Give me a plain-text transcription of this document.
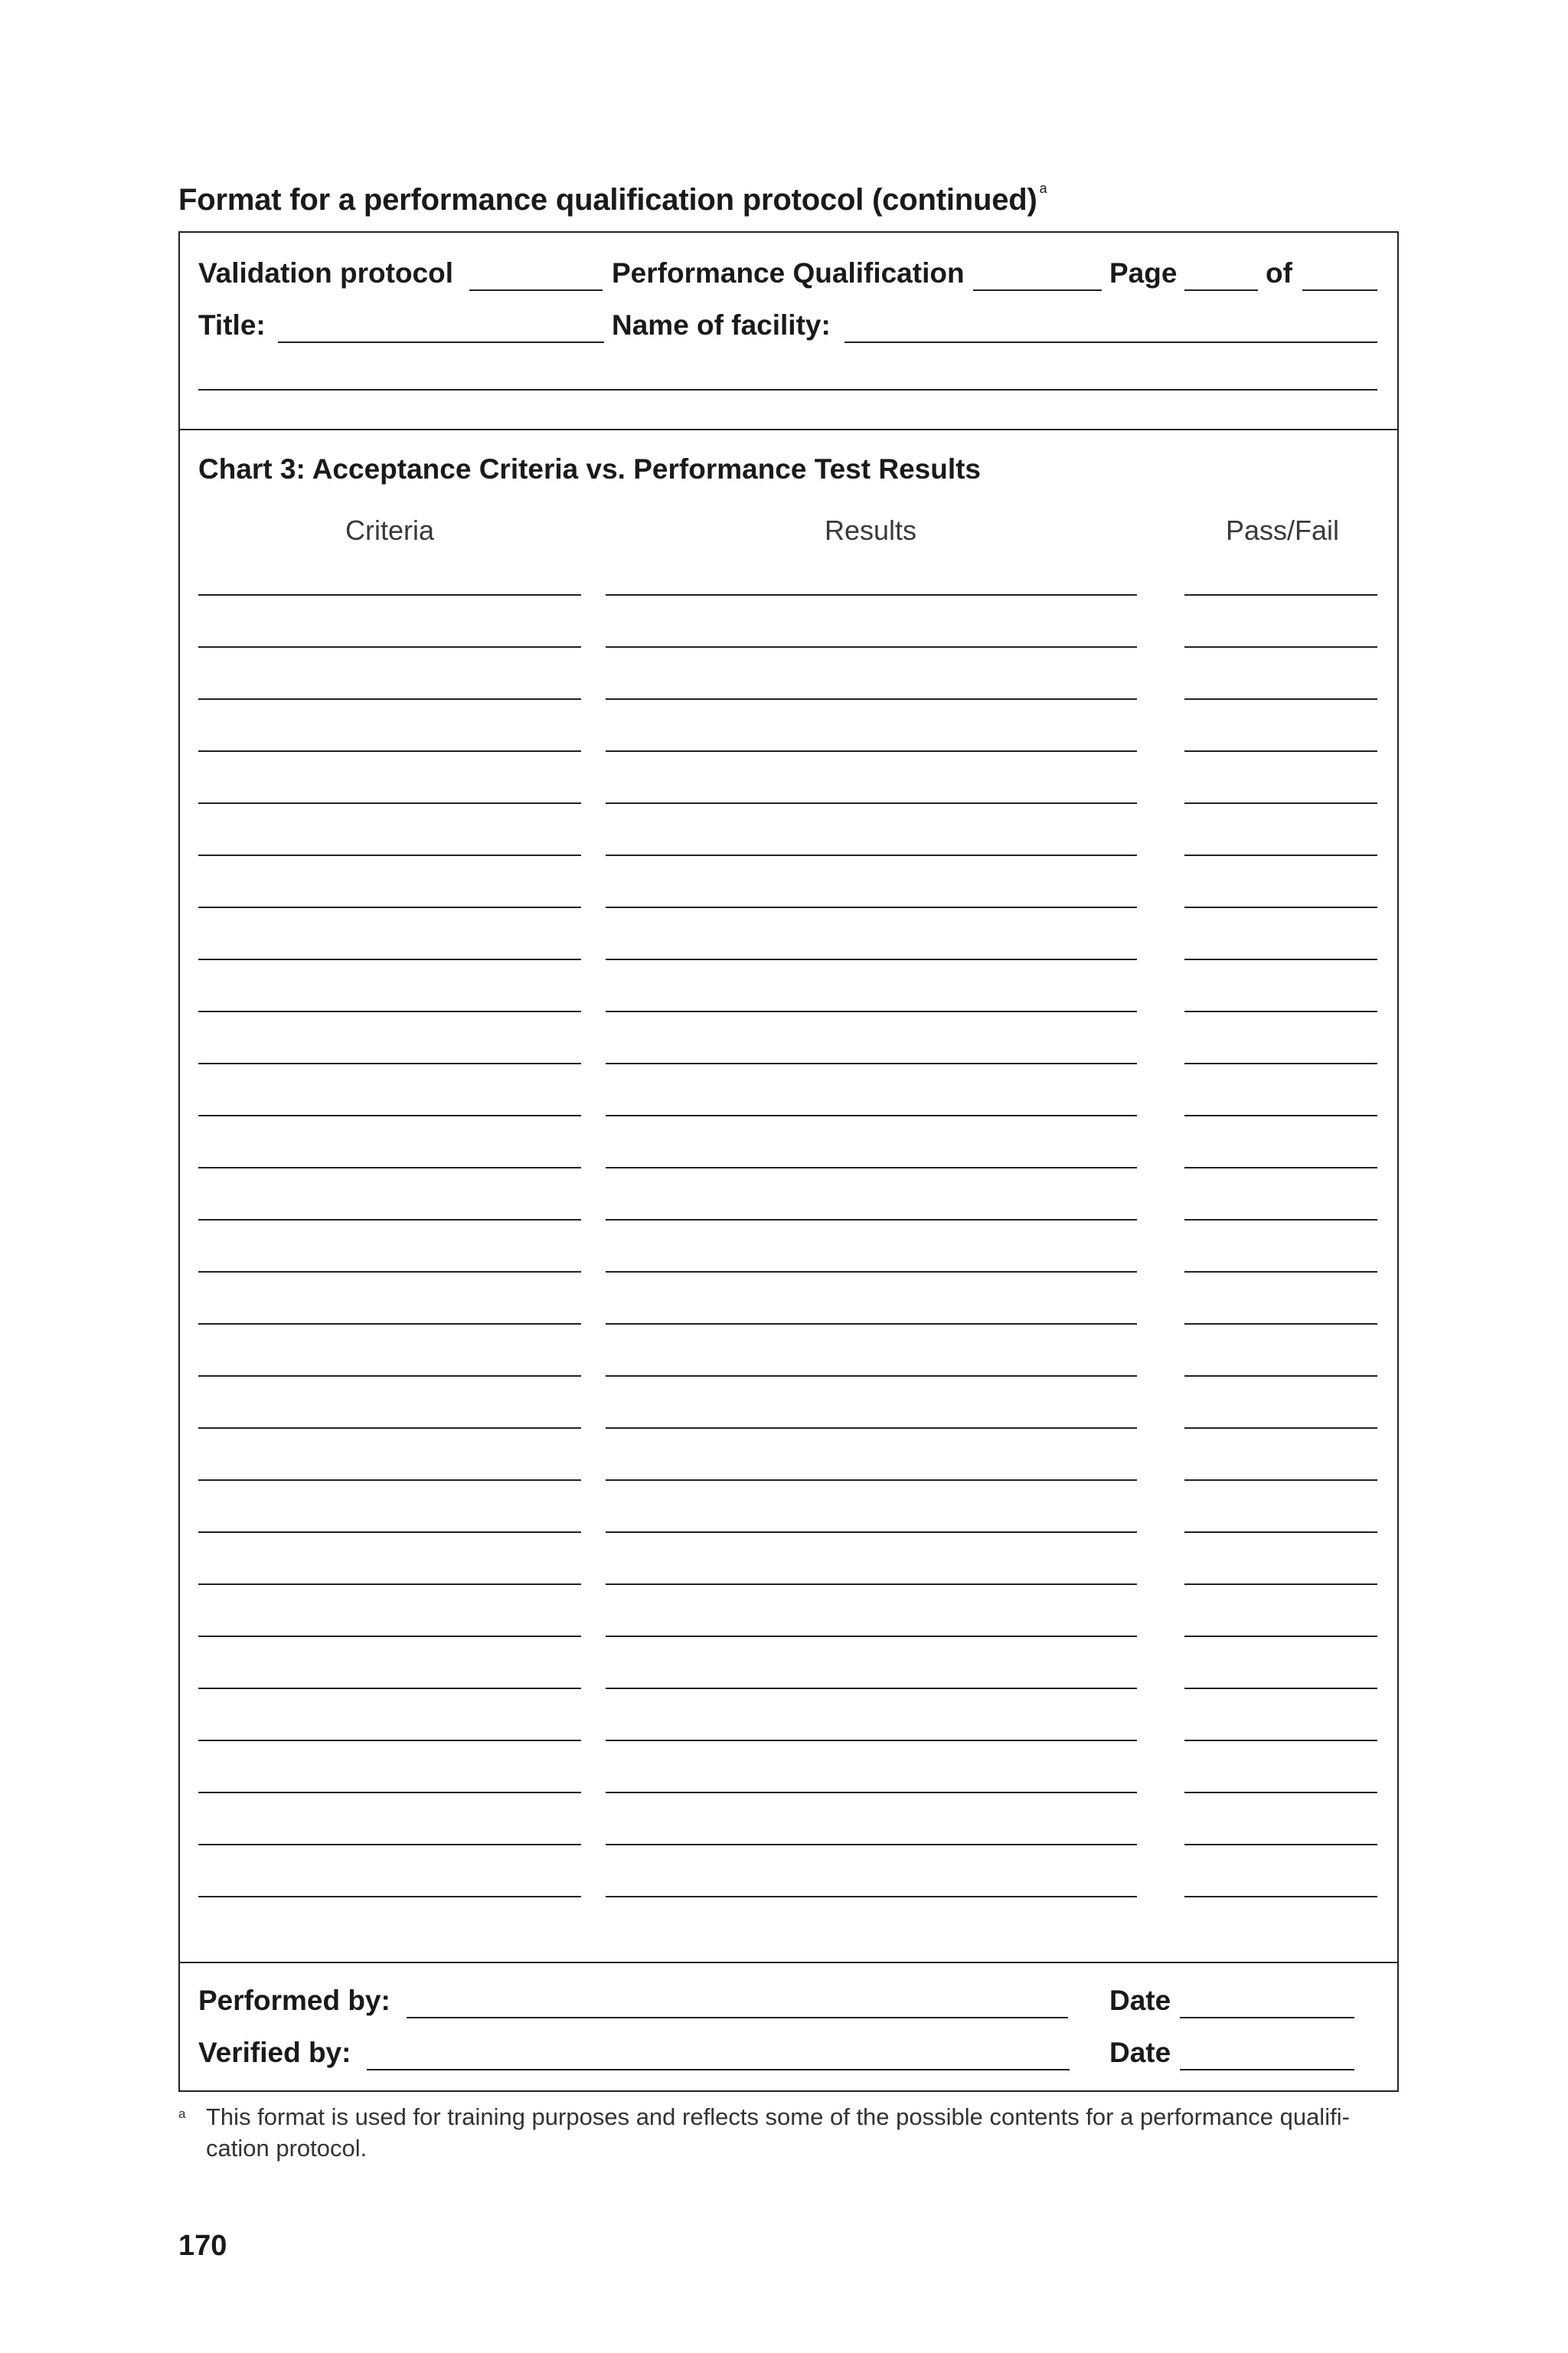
Format for a performance qualification protocol (continued) $^a$
Validation protocol	Performance Qualification	Page	of
Title:	Name of facility:
Chart 3: Acceptance Criteria vs. Performance Test Results
Criteria	Results	Pass/Fail
Performed by:	Date
Verified by:	Date
a This format is used for training purposes and reflects some of the possible contents for a performance qualifi-cation protocol.
170
